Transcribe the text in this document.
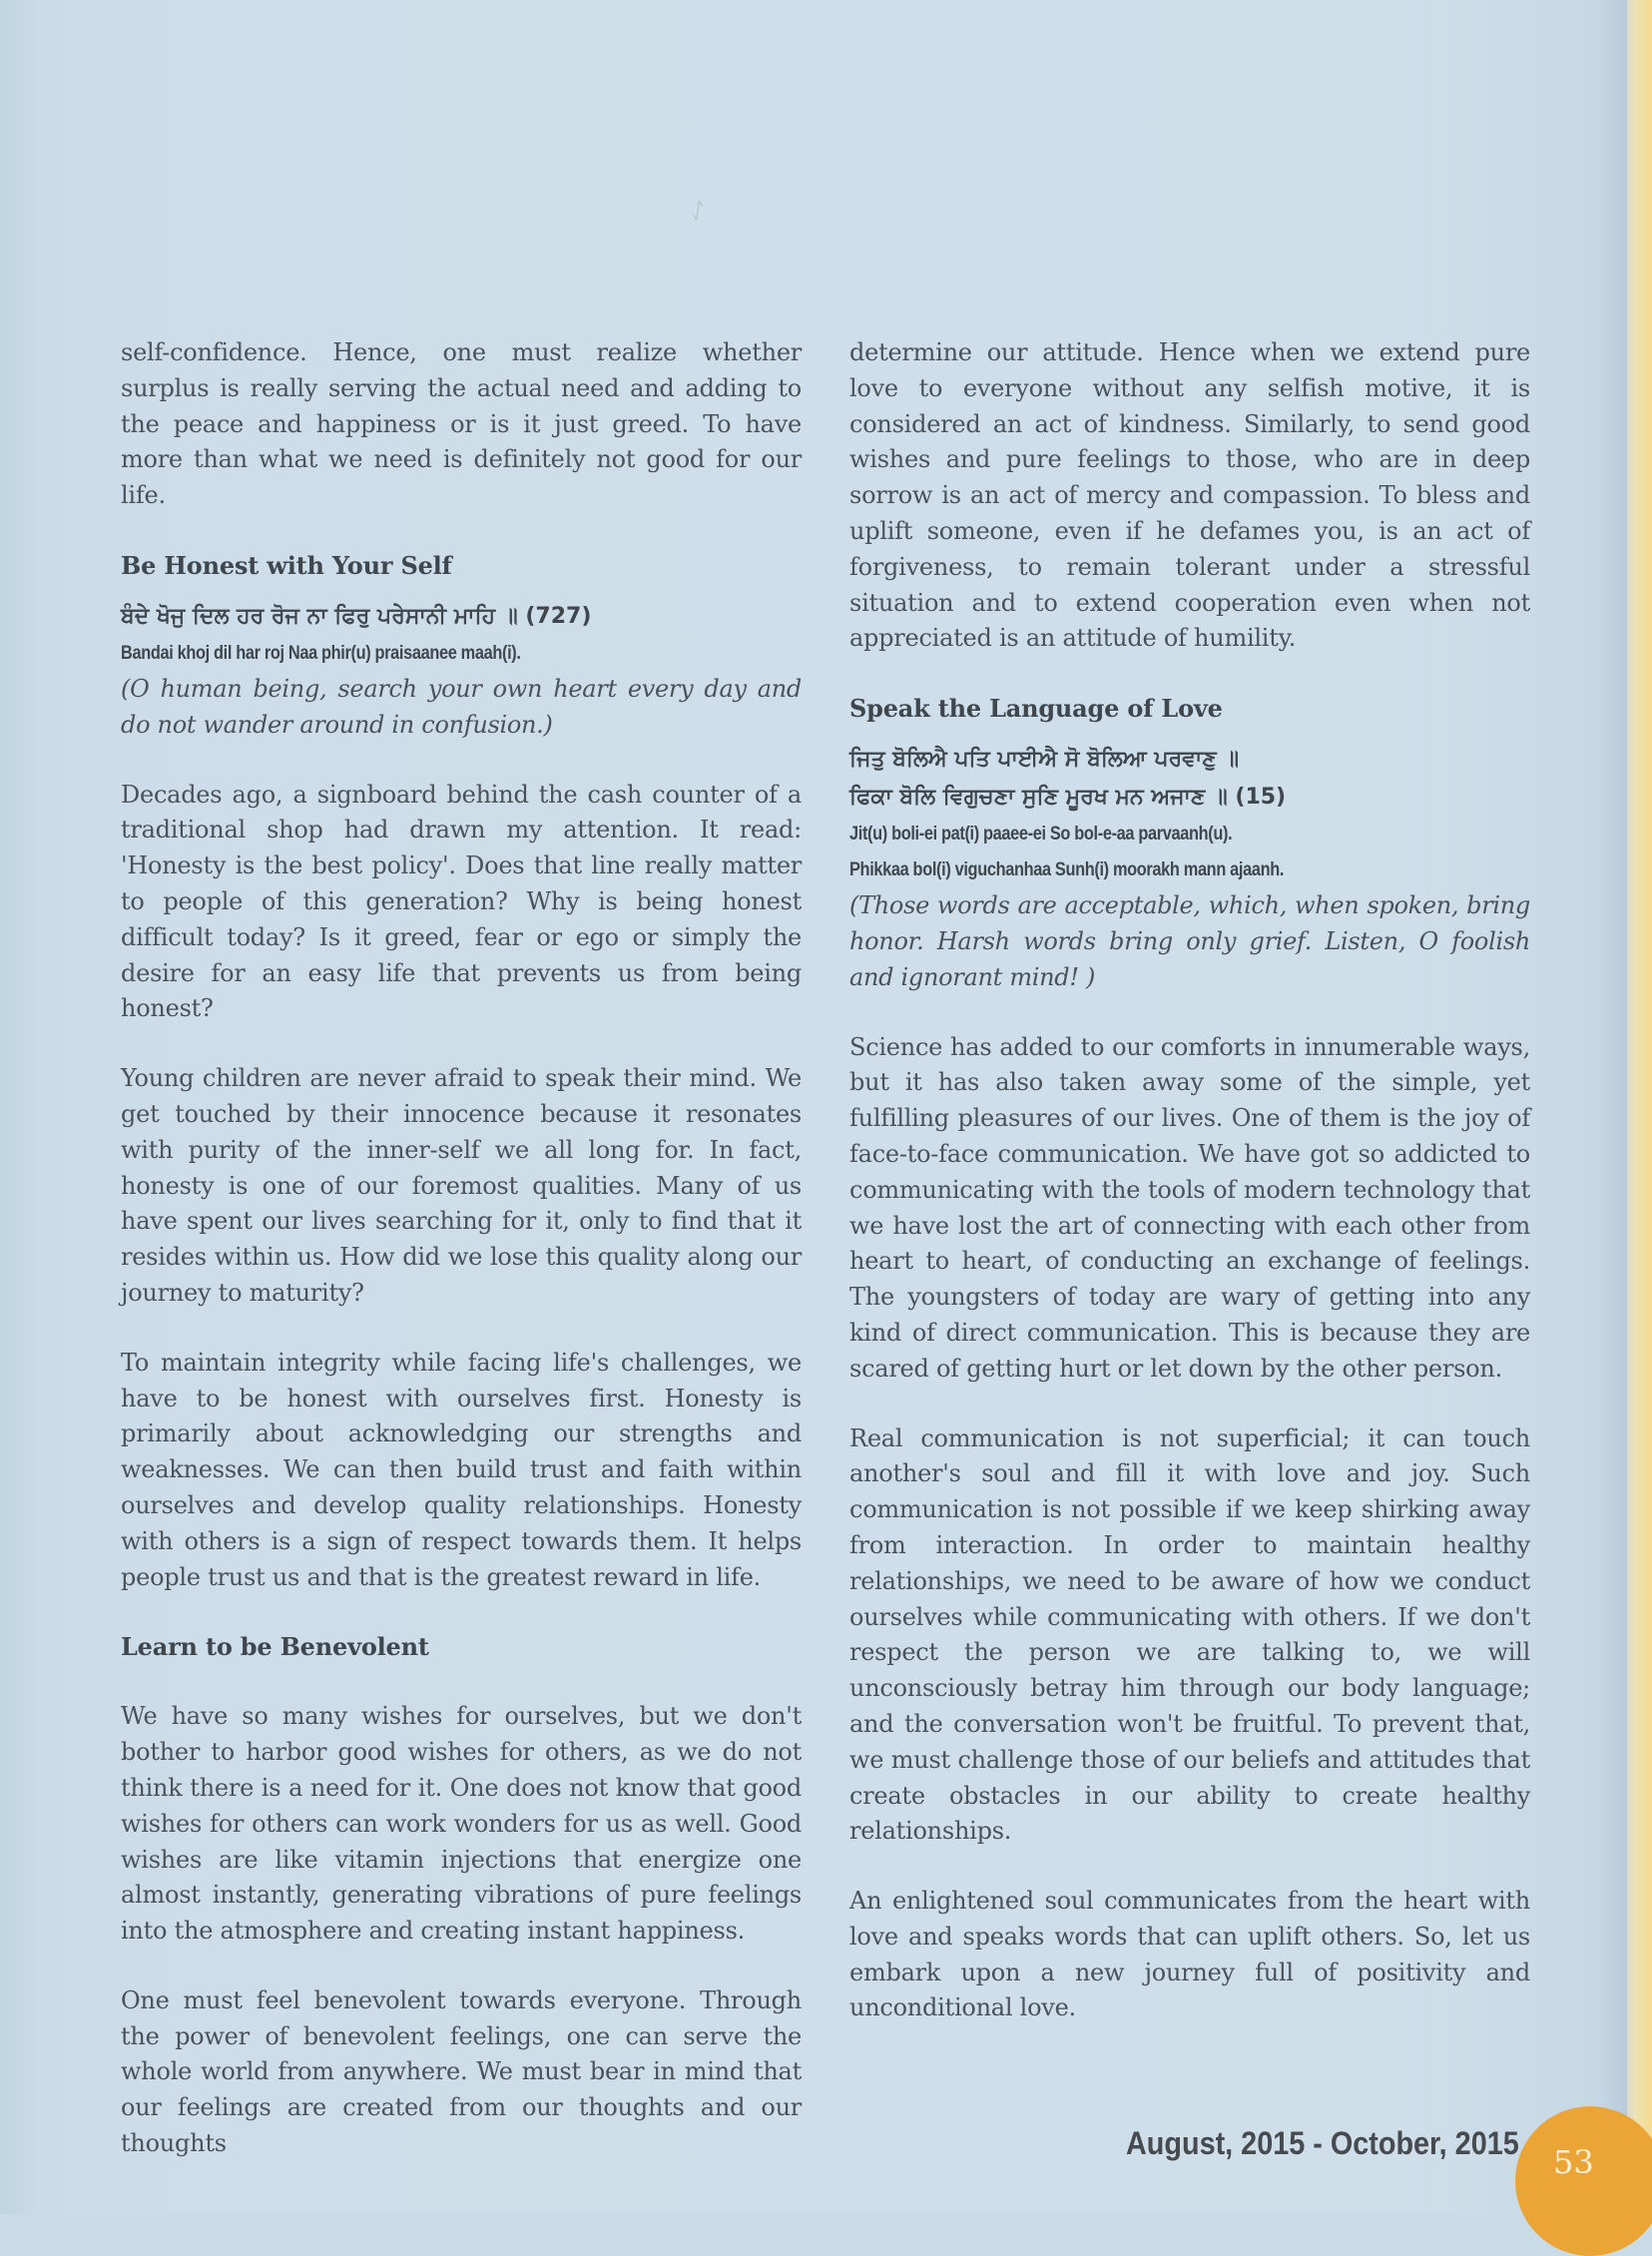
ᛇ

self-confidence. Hence, one must realize whether surplus is really serving the actual need and adding to the peace and happiness or is it just greed. To have more than what we need is definitely not good for our life.

Be Honest with Your Self

ਬੰਦੇ ਖੋਜੁ ਦਿਲ ਹਰ ਰੋਜ ਨਾ ਫਿਰੁ ਪਰੇਸਾਨੀ ਮਾਹਿ ॥ (727)

Bandai khoj dil har roj Naa phir(u) praisaanee maah(i).

(O human being, search your own heart every day and do not wander around in confusion.)

Decades ago, a signboard behind the cash counter of a traditional shop had drawn my attention. It read: 'Honesty is the best policy'. Does that line really matter to people of this generation? Why is being honest difficult today? Is it greed, fear or ego or simply the desire for an easy life that prevents us from being honest?

Young children are never afraid to speak their mind. We get touched by their innocence because it resonates with purity of the inner-self we all long for. In fact, honesty is one of our foremost qualities. Many of us have spent our lives searching for it, only to find that it resides within us. How did we lose this quality along our journey to maturity?

To maintain integrity while facing life's challenges, we have to be honest with ourselves first. Honesty is primarily about acknowledging our strengths and weaknesses. We can then build trust and faith within ourselves and develop quality relationships. Honesty with others is a sign of respect towards them. It helps people trust us and that is the greatest reward in life.

Learn to be Benevolent

We have so many wishes for ourselves, but we don't bother to harbor good wishes for others, as we do not think there is a need for it. One does not know that good wishes for others can work wonders for us as well. Good wishes are like vitamin injections that energize one almost instantly, generating vibrations of pure feelings into the atmosphere and creating instant happiness.

One must feel benevolent towards everyone. Through the power of benevolent feelings, one can serve the whole world from anywhere. We must bear in mind that our feelings are created from our thoughts and our thoughts

determine our attitude. Hence when we extend pure love to everyone without any selfish motive, it is considered an act of kindness. Similarly, to send good wishes and pure feelings to those, who are in deep sorrow is an act of mercy and compassion. To bless and uplift someone, even if he defames you, is an act of forgiveness, to remain tolerant under a stressful situation and to extend cooperation even when not appreciated is an attitude of humility.

Speak the Language of Love

ਜਿਤੁ ਬੋਲਿਐ ਪਤਿ ਪਾਈਐ ਸੋ ਬੋਲਿਆ ਪਰਵਾਣੁ ॥

ਫਿਕਾ ਬੋਲਿ ਵਿਗੁਚਣਾ ਸੁਣਿ ਮੂਰਖ ਮਨ ਅਜਾਣ ॥ (15)

Jit(u) boli-ei pat(i) paaee-ei So bol-e-aa parvaanh(u).

Phikkaa bol(i) viguchanhaa Sunh(i) moorakh mann ajaanh.

(Those words are acceptable, which, when spoken, bring honor. Harsh words bring only grief. Listen, O foolish and ignorant mind! )

Science has added to our comforts in innumerable ways, but it has also taken away some of the simple, yet fulfilling pleasures of our lives. One of them is the joy of face-to-face communication. We have got so addicted to communicating with the tools of modern technology that we have lost the art of connecting with each other from heart to heart, of conducting an exchange of feelings. The youngsters of today are wary of getting into any kind of direct communication. This is because they are scared of getting hurt or let down by the other person.

Real communication is not superficial; it can touch another's soul and fill it with love and joy. Such communication is not possible if we keep shirking away from interaction. In order to maintain healthy relationships, we need to be aware of how we conduct ourselves while communicating with others. If we don't respect the person we are talking to, we will unconsciously betray him through our body language; and the conversation won't be fruitful. To prevent that, we must challenge those of our beliefs and attitudes that create obstacles in our ability to create healthy relationships.

An enlightened soul communicates from the heart with love and speaks words that can uplift others. So, let us embark upon a new journey full of positivity and unconditional love.

August, 2015 - October, 2015 53
